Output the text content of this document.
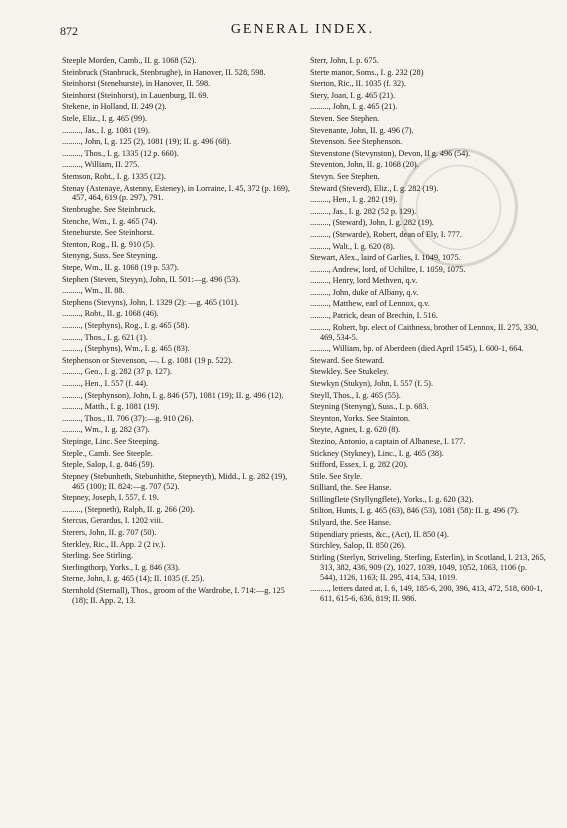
872	GENERAL INDEX.

Steeple Morden, Camb., II. g. 1068 (52).

Steinbruck (Stanbruck, Stenbrughe), in Hanover, II. 528, 598.

Steinhorst (Stenehurste), in Hanover, II. 598.

Steinhorst (Steinhorst), in Lauenburg, II. 69.

Stekene, in Holland, II. 249 (2).

Stele, Eliz., I. g. 465 (99).

........., Jas., I. g. 1081 (19).

........., John, I, g. 125 (2), 1081 (19); II. g. 496 (68).

........., Thos., I. g. 1335 (12 p. 660).

........., William, II. 275.

Stemson, Robt., I. g. 1335 (12).

Stenay (Astenaye, Astenny, Esteney), in Lorraine, I. 45, 372 (p. 169), 457, 464, 619 (p. 297), 791.

Stenbrughe. See Steinbruck.

Stenche, Wm., I. g. 465 (74).

Stenehurste. See Steinhorst.

Stenton, Rog., II. g. 910 (5).

Stenyng, Suss. See Steyning.

Stepe, Wm., II. g. 1068 (19 p. 537).

Stephen (Steven, Steyyn), John, II. 501:—g. 496 (53).

........., Wm., II. 88.

Stephens (Stevyns), John, I. 1329 (2): —g. 465 (101).

........., Robt., II. g. 1068 (46).

........., (Stephyns), Rog., I. g. 465 (58).

........., Thos., I. g. 621 (1).

........., (Stephyns), Wm., I. g. 465 (83).

Stephenson or Stevenson, —. I. g. 1081 (19 p. 522).

........., Geo., I. g. 282 (37 p. 127).

........., Hen., I. 557 (f. 44).

........., (Stephynson), John, I. g. 846 (57), 1081 (19); II. g. 496 (12).

........., Matth., I. g. 1081 (19).

........., Thos., II. 706 (37):—g. 910 (26).

........., Wm., I. g. 282 (37).

Stepinge, Linc. See Steeping.

Steple., Camb. See Steeple.

Steple, Salop, I. g. 846 (59).

Stepney (Stebunheth, Stebunhithe, Stepneyth), Midd., I. g. 282 (19), 465 (100); II. 824:—g. 707 (52).

Stepney, Joseph, I. 557, f. 19.

........., (Stepneth), Ralph, II. g. 266 (20).

Stercus, Gerardus, I. 1202 viii.

Sterers, John, II. g. 707 (50).

Sterkley, Ric., II. App. 2 (2 iv.).

Sterling. See Stirling.

Sterlingthorp, Yorks., I. g. 846 (33).

Sterne, John, I. g. 465 (14); II. 1035 (f. 25).

Sternhold (Sternall), Thos., groom of the Wardrobe, I. 714:—g. 125 (18); II. App. 2, 13.

Sterr, John, I. p. 675.

Sterte manor, Soms., I. g. 232 (28)

Sterton, Ric., II. 1035 (f. 32).

Stery, Joan, I. g. 465 (21).

........., John, I. g. 465 (21).

Steven. See Stephen.

Stevenante, John, II. g. 496 (7).

Stevenson. See Stephenson.

Stevenstone (Stevynston), Devon, II g. 496 (54).

Steventon, John, II. g. 1068 (20).

Stevyn. See Stephen.

Steward (Steverd), Eliz., I. g. 282 (19).

........., Hen., I. g. 282 (19).

........., Jas., I. g. 282 (52 p. 129).

........., (Steward), John, I. g. 282 (19).

........., (Stewarde), Robert, dean of Ely, I. 777.

........., Walt., I. g. 620 (8).

Stewart, Alex., laird of Garlies, I. 1049, 1075.

........., Andrew, lord, of Uchiltre, I. 1059, 1075.

........., Henry, lord Methven, q.v.

........., John, duke of Albany, q.v.

........., Matthew, earl of Lennox, q.v.

........., Patrick, dean of Brechin, I. 516.

........., Robert, bp. elect of Caithness, brother of Lennox, II. 275, 330, 469, 534-5.

........., William, bp. of Aberdeen (died April 1545), I. 600-1, 664.

Steward. See Steward.

Stewkley. See Stukeley.

Stewkyn (Stukyn), John, I. 557 (f. 5).

Steyll, Thos., I. g. 465 (55).

Steyning (Stenyng), Suss., I. p. 683.

Steynton, Yorks. See Stainton.

Steyte, Agnes, I. g. 620 (8).

Stezino, Antonio, a captain of Albanese, I. 177.

Stickney (Stykney), Linc., I. g. 465 (38).

Stifford, Essex, I. g. 282 (20).

Stile. See Style.

Stilliard, the. See Hanse.

Stillingflete (Styllyngflete), Yorks., I. g. 620 (32).

Stilton, Hunts, I. g. 465 (63), 846 (53), 1081 (58): II. g. 496 (7).

Stilyard, the. See Hanse.

Stipendiary priests, &c., (Act), II. 850 (4).

Stirchley, Salop, II. 850 (26).

Stirling (Sterlyn, Striveling, Sterling, Esterlin), in Scotland, I. 213, 265, 313, 382, 436, 909 (2), 1027, 1039, 1049, 1052, 1063, 1106 (p. 544), 1126, 1163; II. 295, 414, 534, 1019.

........., letters dated at, I. 6, 149, 185-6, 200, 396, 413, 472, 518, 600-1, 611, 615-6, 636, 819; II. 986.
